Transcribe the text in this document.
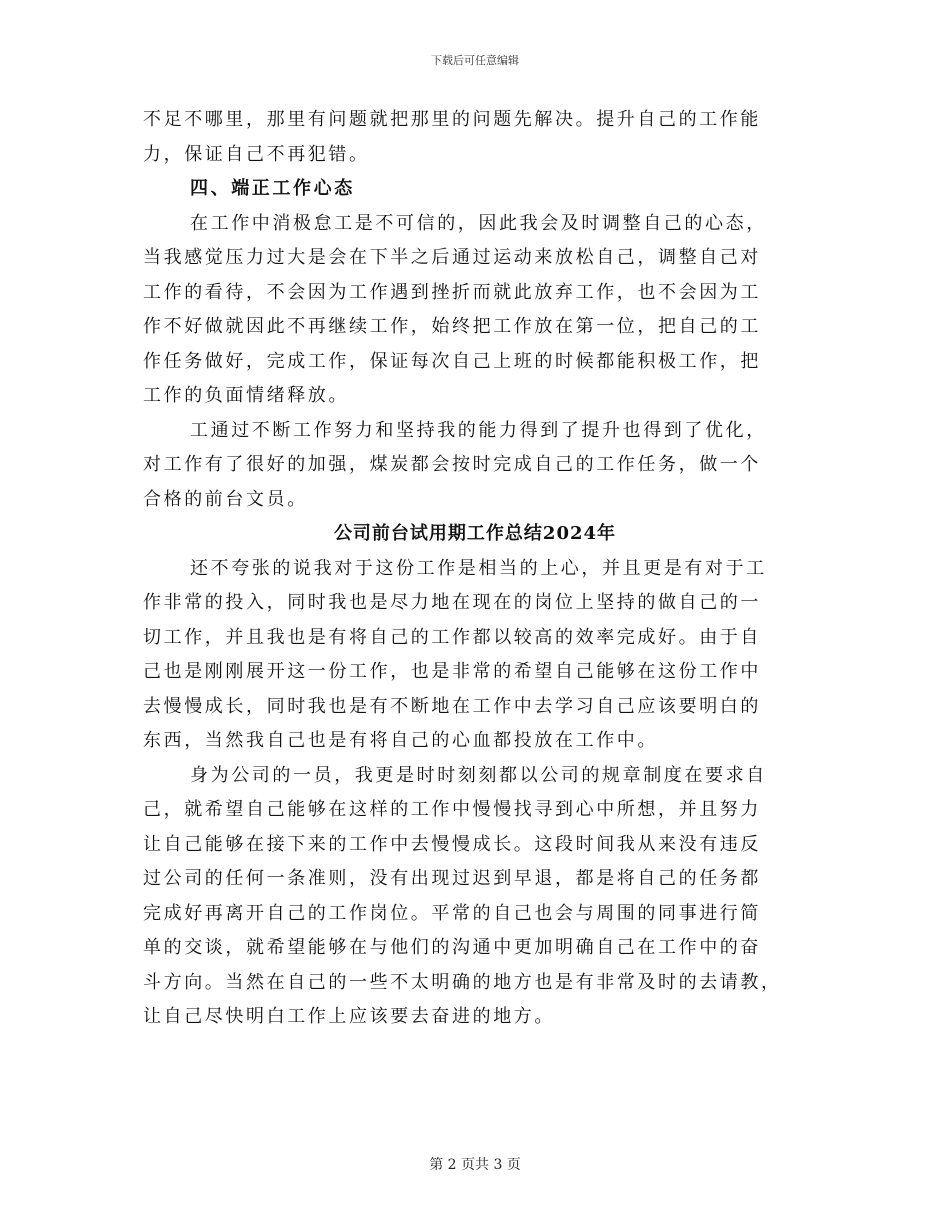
下载后可任意编辑

不足不哪里，那里有问题就把那里的问题先解决。提升自己的工作能
力，保证自己不再犯错。

四、端正工作心态

在工作中消极怠工是不可信的，因此我会及时调整自己的心态，
当我感觉压力过大是会在下半之后通过运动来放松自己，调整自己对
工作的看待，不会因为工作遇到挫折而就此放弃工作，也不会因为工
作不好做就因此不再继续工作，始终把工作放在第一位，把自己的工
作任务做好，完成工作，保证每次自己上班的时候都能积极工作，把
工作的负面情绪释放。

工通过不断工作努力和坚持我的能力得到了提升也得到了优化，
对工作有了很好的加强，煤炭都会按时完成自己的工作任务，做一个
合格的前台文员。

公司前台试用期工作总结2024年

还不夸张的说我对于这份工作是相当的上心，并且更是有对于工
作非常的投入，同时我也是尽力地在现在的岗位上坚持的做自己的一
切工作，并且我也是有将自己的工作都以较高的效率完成好。由于自
己也是刚刚展开这一份工作，也是非常的希望自己能够在这份工作中
去慢慢成长，同时我也是有不断地在工作中去学习自己应该要明白的
东西，当然我自己也是有将自己的心血都投放在工作中。

身为公司的一员，我更是时时刻刻都以公司的规章制度在要求自
己，就希望自己能够在这样的工作中慢慢找寻到心中所想，并且努力
让自己能够在接下来的工作中去慢慢成长。这段时间我从来没有违反
过公司的任何一条准则，没有出现过迟到早退，都是将自己的任务都
完成好再离开自己的工作岗位。平常的自己也会与周围的同事进行简
单的交谈，就希望能够在与他们的沟通中更加明确自己在工作中的奋
斗方向。当然在自己的一些不太明确的地方也是有非常及时的去请教，
让自己尽快明白工作上应该要去奋进的地方。

第 2 页共 3 页
